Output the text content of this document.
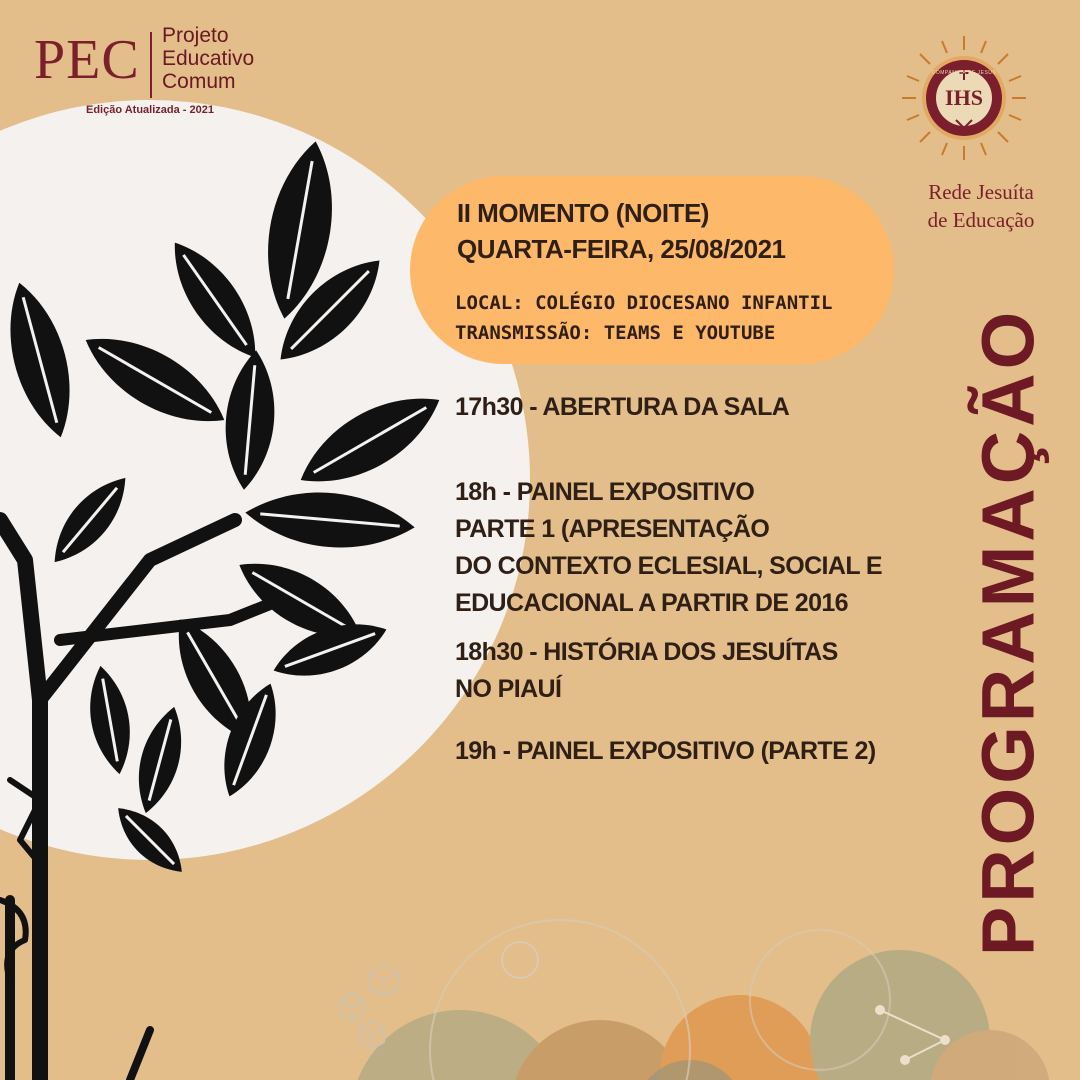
IHS
COMPANHIA DE JESUS
PEC Projeto
Educativo
Comum
Edição Atualizada - 2021
Rede Jesuíta
de Educação
II MOMENTO (NOITE)
QUARTA-FEIRA, 25/08/2021
LOCAL: COLÉGIO DIOCESANO INFANTIL
TRANSMISSÃO: TEAMS E YOUTUBE
17h30 - ABERTURA DA SALA
18h - PAINEL EXPOSITIVO
PARTE 1 (APRESENTAÇÃO
DO CONTEXTO ECLESIAL, SOCIAL E
EDUCACIONAL A PARTIR DE 2016
18h30 - HISTÓRIA DOS JESUÍTAS
NO PIAUÍ
19h - PAINEL EXPOSITIVO (PARTE 2) PROGRAMAÇÃO
